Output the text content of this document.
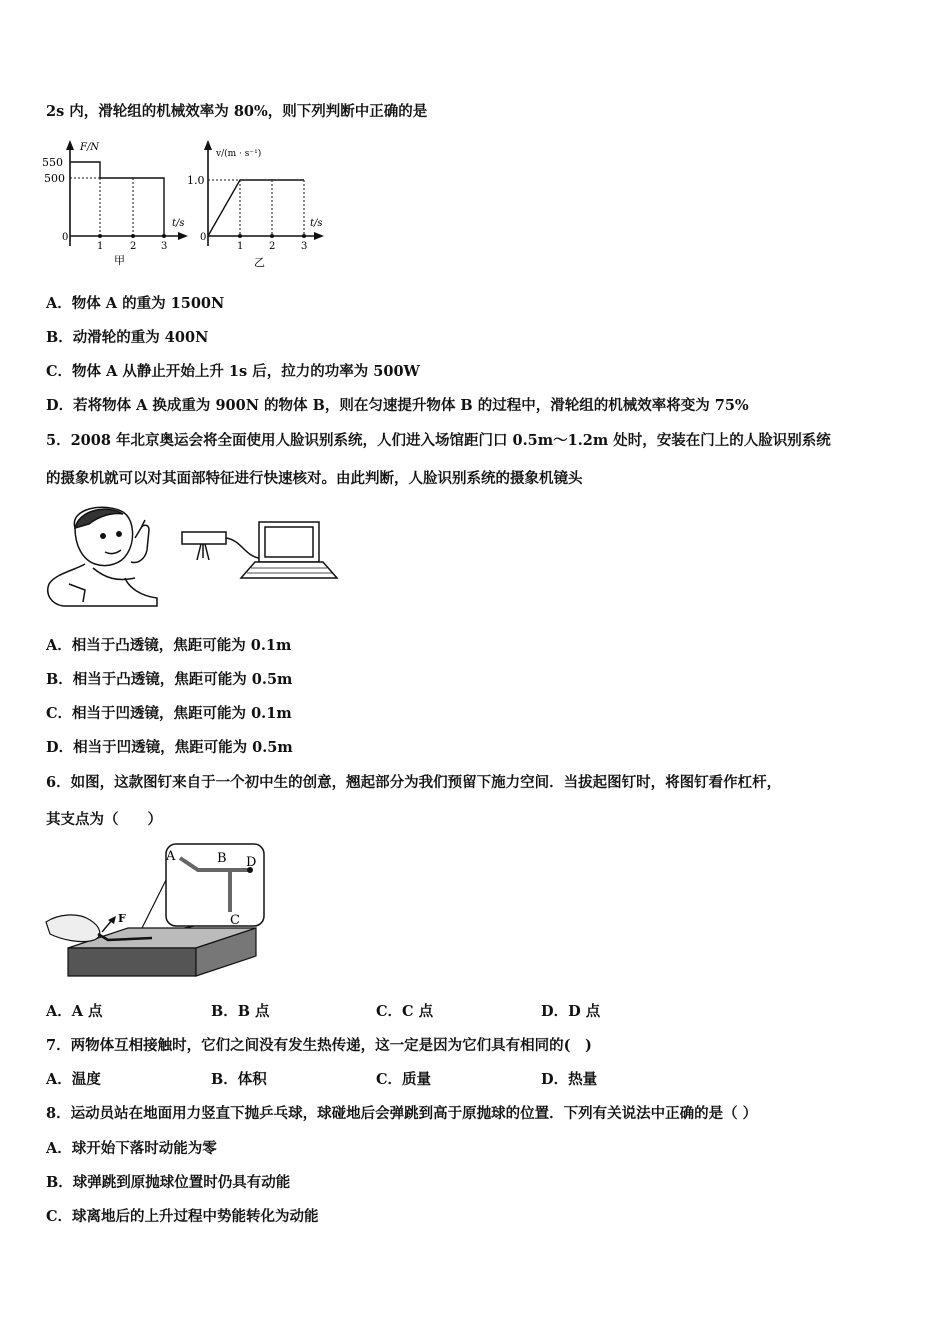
2s 内，滑轮组的机械效率为 80%，则下列判断中正确的是
F/N
550
500
0
t/s
1	2 3
甲
v/(m · s⁻¹)
1.0
0
t/s
1	2	3
乙
A．物体 A 的重为 1500N
B．动滑轮的重为 400N
C．物体 A 从静止开始上升 1s 后，拉力的功率为 500W
D．若将物体 A 换成重为 900N 的物体 B，则在匀速提升物体 B 的过程中，滑轮组的机械效率将变为 75%
5．2008 年北京奥运会将全面使用人脸识别系统，人们进入场馆距门口 0.5m～1.2m 处时，安装在门上的人脸识别系统
的摄象机就可以对其面部特征进行快速核对。由此判断，人脸识别系统的摄象机镜头
A．相当于凸透镜，焦距可能为 0.1m
B．相当于凸透镜，焦距可能为 0.5m
C．相当于凹透镜，焦距可能为 0.1m
D．相当于凹透镜，焦距可能为 0.5m
6．如图，这款图钉来自于一个初中生的创意，翘起部分为我们预留下施力空间．当拔起图钉时，将图钉看作杠杆，
其支点为（　　）
A	B D
C
F
A．A 点	B．B 点	C．C 点	D．D 点
7．两物体互相接触时，它们之间没有发生热传递，这一定是因为它们具有相同的(　)
A．温度	B．体积	C．质量	D．热量
8．运动员站在地面用力竖直下抛乒乓球，球碰地后会弹跳到高于原抛球的位置．下列有关说法中正确的是（ ）
A．球开始下落时动能为零
B．球弹跳到原抛球位置时仍具有动能
C．球离地后的上升过程中势能转化为动能
